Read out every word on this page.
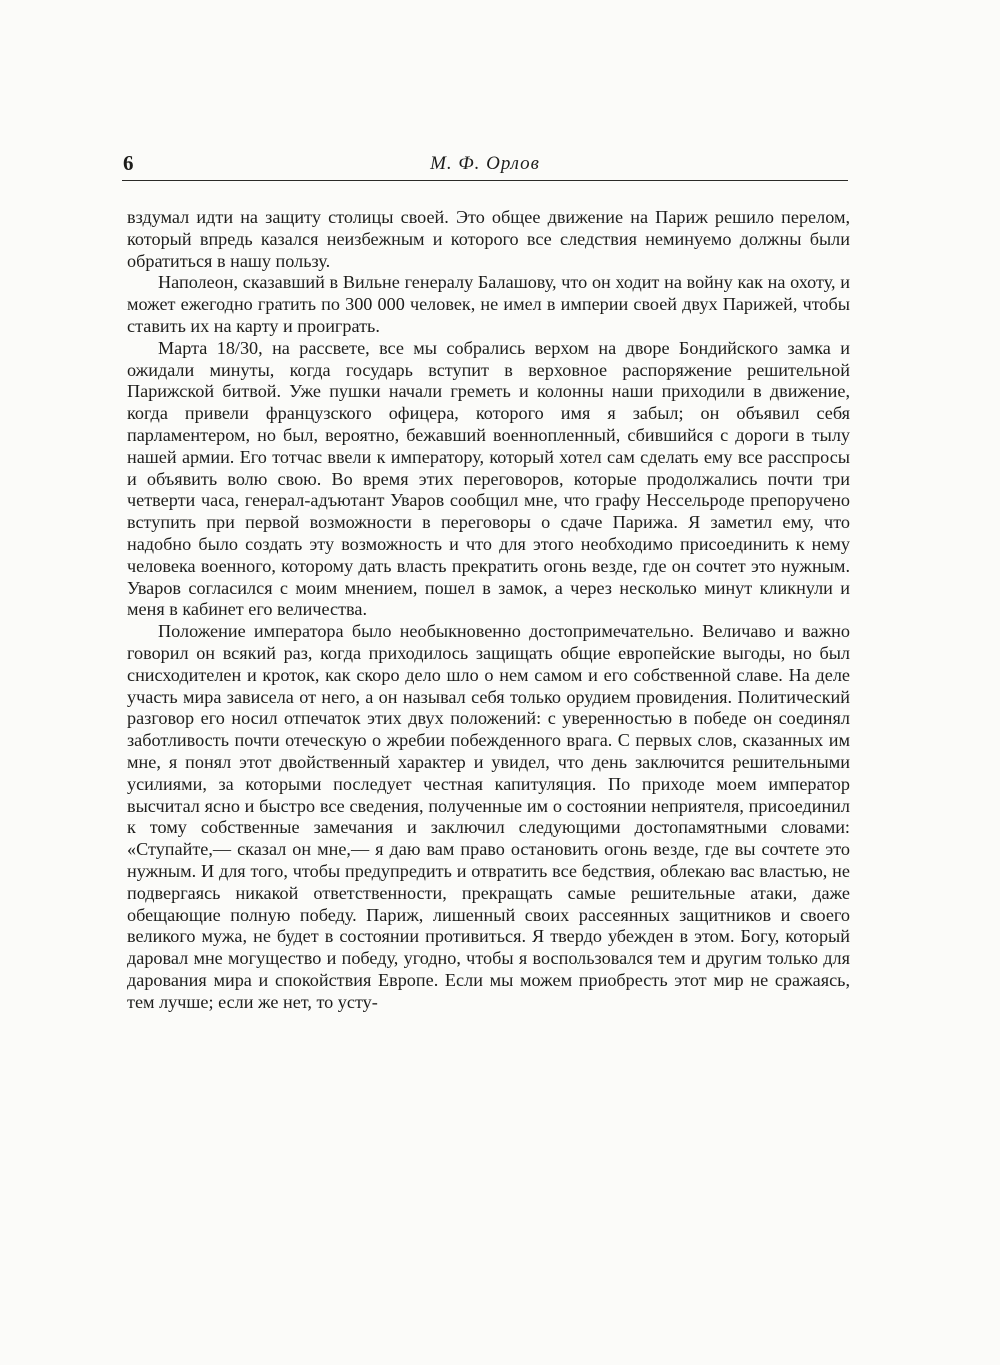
6	М. Ф. Орлов

вздумал идти на защиту столицы своей. Это общее движение на Париж решило перелом, который впредь казался неизбежным и которого все следствия неминуемо должны были обратиться в нашу пользу.

Наполеон, сказавший в Вильне генералу Балашову, что он ходит на войну как на охоту, и может ежегодно гратить по 300 000 человек, не имел в империи своей двух Парижей, чтобы ставить их на карту и проиграть.

Марта 18/30, на рассвете, все мы собрались верхом на дворе Бондийского замка и ожидали минуты, когда государь вступит в верховное распоряжение решительной Парижской битвой. Уже пушки начали греметь и колонны наши приходили в движение, когда привели французского офицера, которого имя я забыл; он объявил себя парламентером, но был, вероятно, бежавший военнопленный, сбившийся с дороги в тылу нашей армии. Его тотчас ввели к императору, который хотел сам сделать ему все расспросы и объявить волю свою. Во время этих переговоров, которые продолжались почти три четверти часа, генерал-адъютант Уваров сообщил мне, что графу Нессельроде препоручено вступить при первой возможности в переговоры о сдаче Парижа. Я заметил ему, что надобно было создать эту возможность и что для этого необходимо присоединить к нему человека военного, которому дать власть прекратить огонь везде, где он сочтет это нужным. Уваров согласился с моим мнением, пошел в замок, а через несколько минут кликнули и меня в кабинет его величества.

Положение императора было необыкновенно достопримечательно. Величаво и важно говорил он всякий раз, когда приходилось защищать общие европейские выгоды, но был снисходителен и кроток, как скоро дело шло о нем самом и его собственной славе. На деле участь мира зависела от него, а он называл себя только орудием провидения. Политический разговор его носил отпечаток этих двух положений: с уверенностью в победе он соединял заботливость почти отеческую о жребии побежденного врага. С первых слов, сказанных им мне, я понял этот двойственный характер и увидел, что день заключится решительными усилиями, за которыми последует честная капитуляция. По приходе моем император высчитал ясно и быстро все сведения, полученные им о состоянии неприятеля, присоединил к тому собственные замечания и заключил следующими достопамятными словами: «Ступайте,— сказал он мне,— я даю вам право остановить огонь везде, где вы сочтете это нужным. И для того, чтобы предупредить и отвратить все бедствия, облекаю вас властью, не подвергаясь никакой ответственности, прекращать самые решительные атаки, даже обещающие полную победу. Париж, лишенный своих рассеянных защитников и своего великого мужа, не будет в состоянии противиться. Я твердо убежден в этом. Богу, который даровал мне могущество и победу, угодно, чтобы я воспользовался тем и другим только для дарования мира и спокойствия Европе. Если мы можем приобресть этот мир не сражаясь, тем лучше; если же нет, то усту-
